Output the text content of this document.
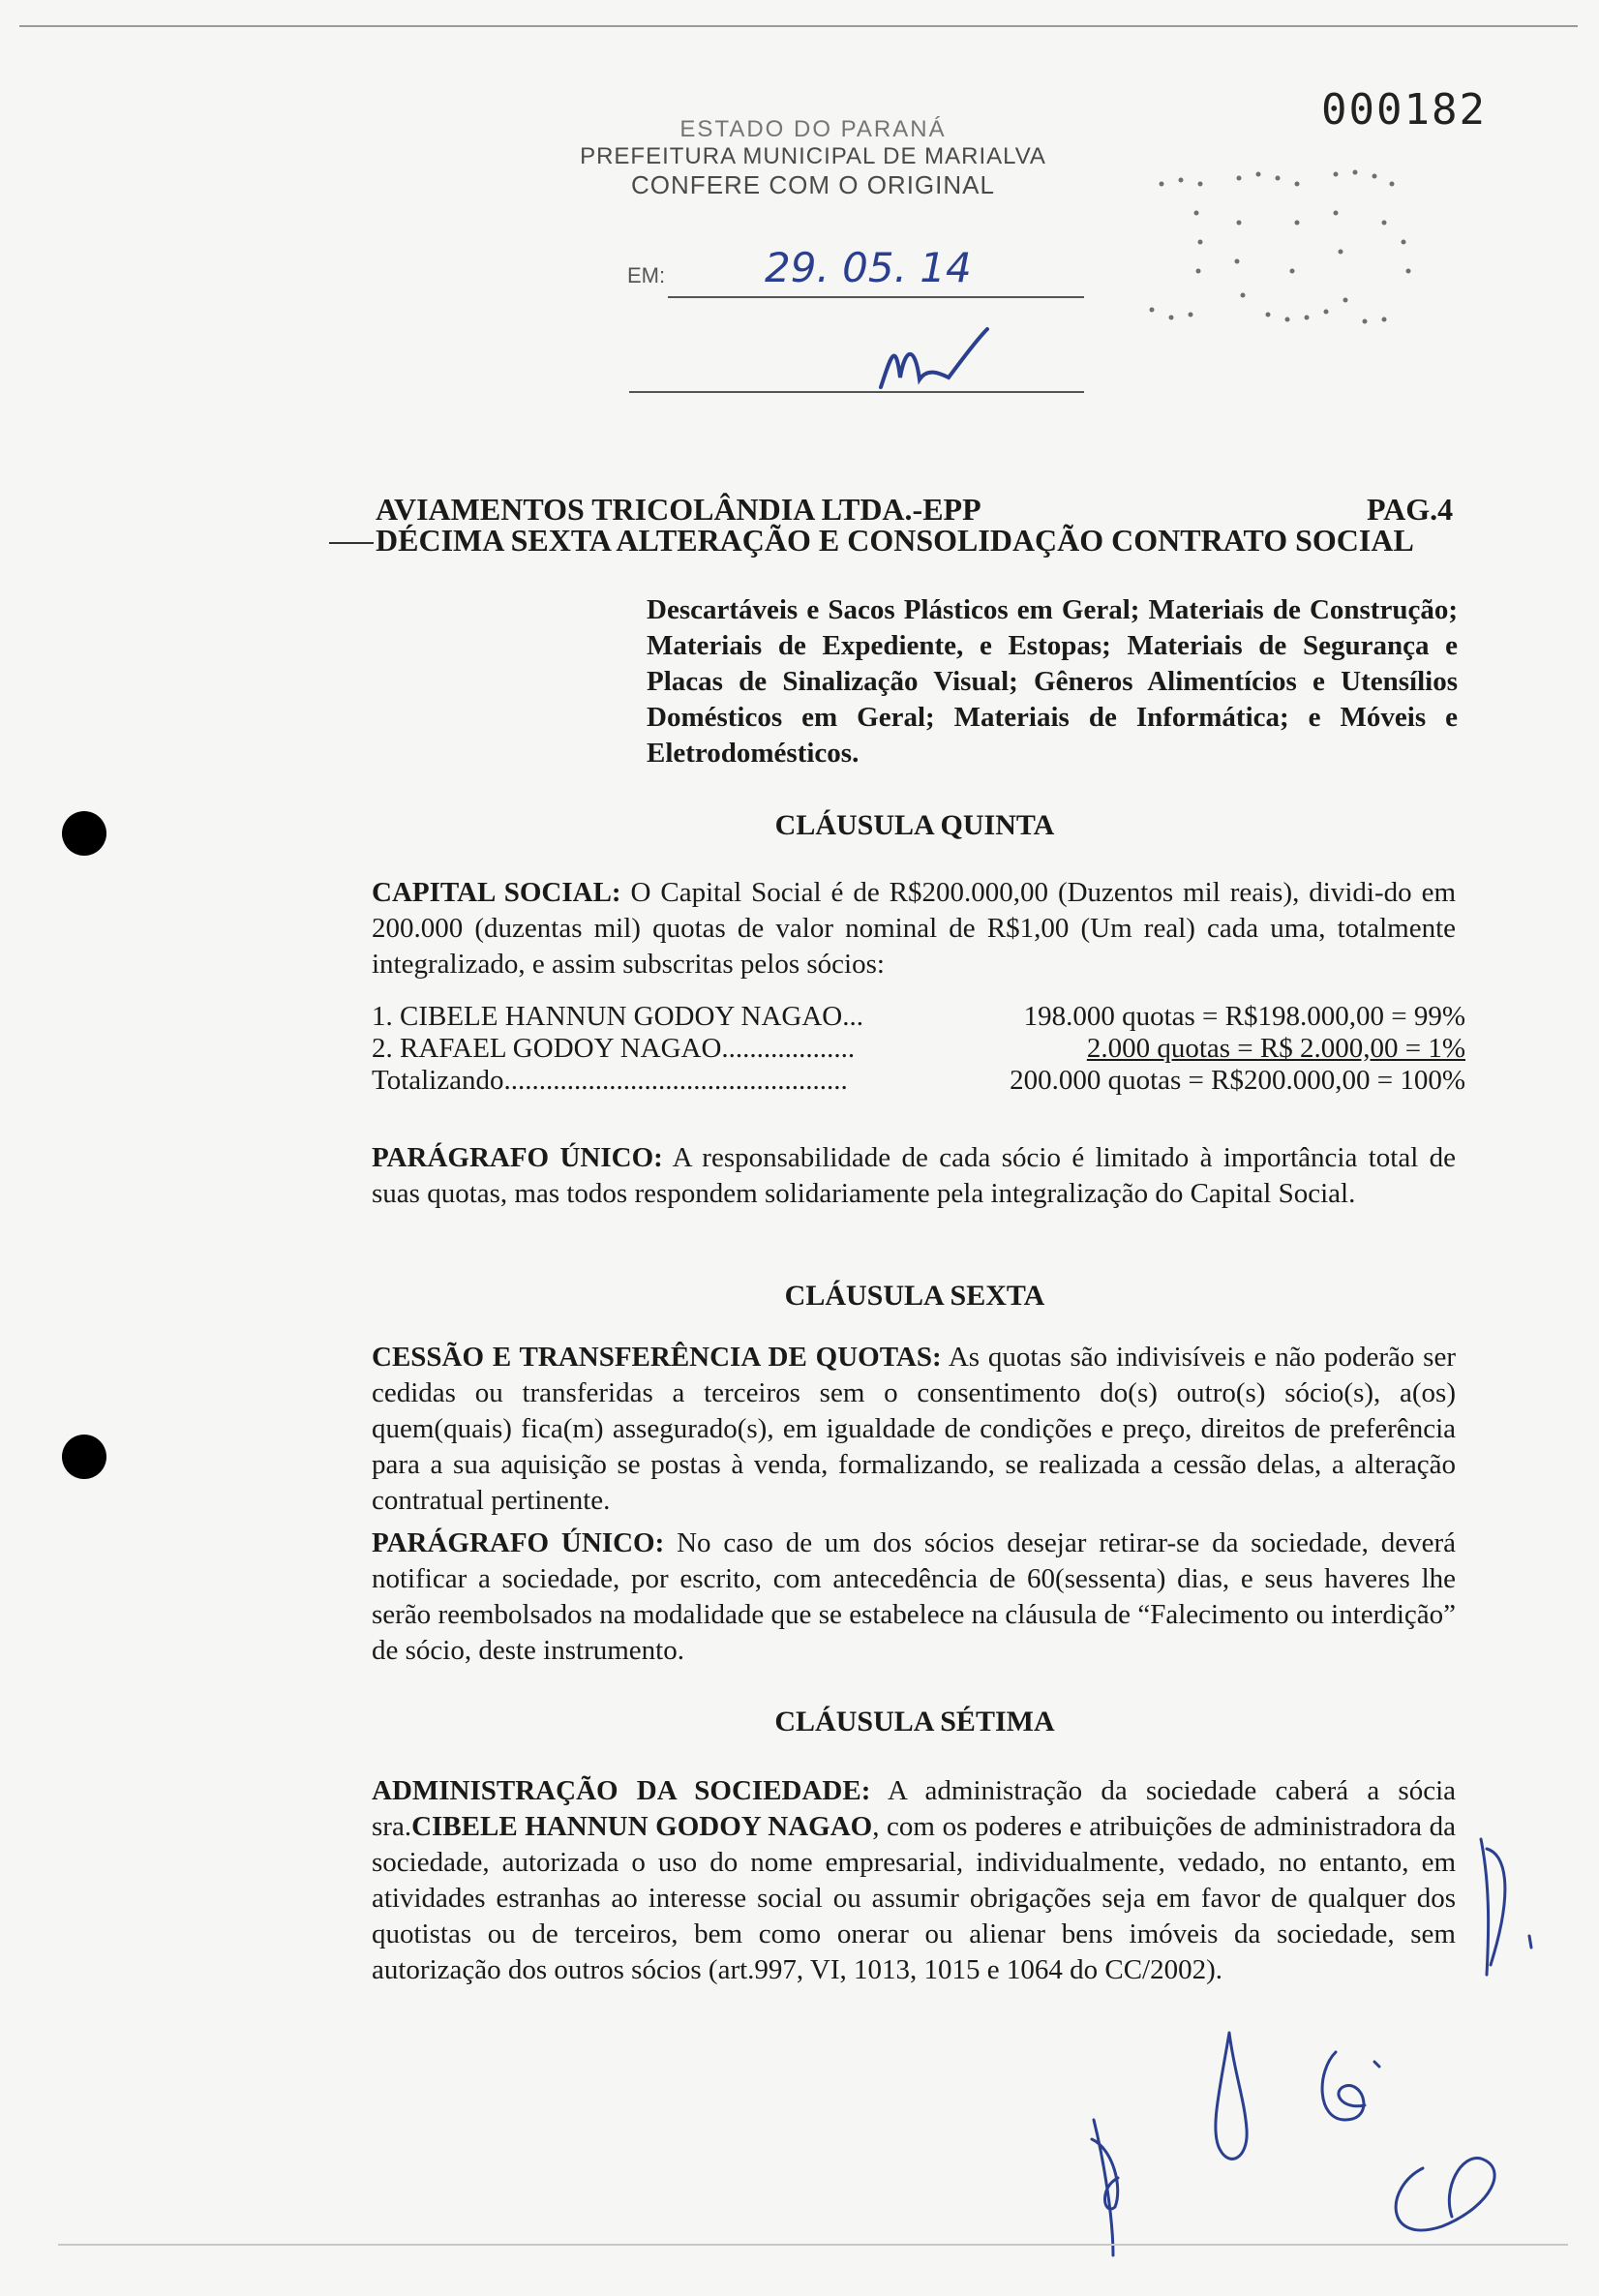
000182
ESTADO DO PARANÁ
PREFEITURA MUNICIPAL DE MARIALVA
CONFERE COM O ORIGINAL
EM: 29. 05. 14
AVIAMENTOS TRICOLÂNDIA LTDA.-EPP	PAG.4
DÉCIMA SEXTA ALTERAÇÃO E CONSOLIDAÇÃO CONTRATO SOCIAL
Descartáveis e Sacos Plásticos em Geral; Materiais de Construção; Materiais de Expediente, e Estopas; Materiais de Segurança e Placas de Sinalização Visual; Gêneros Alimentícios e Utensílios Domésticos em Geral; Materiais de Informática; e Móveis e Eletrodomésticos.
CLÁUSULA QUINTA
CAPITAL SOCIAL: O Capital Social é de R$200.000,00 (Duzentos mil reais), dividi-do em 200.000 (duzentas mil) quotas de valor nominal de R$1,00 (Um real) cada uma, totalmente integralizado, e assim subscritas pelos sócios:
1. CIBELE HANNUN GODOY NAGAO...	198.000 quotas = R$198.000,00 = 99%
2. RAFAEL GODOY NAGAO...................	2.000 quotas = R$ 2.000,00 = 1%
Totalizando.................................................	200.000 quotas = R$200.000,00 = 100%
PARÁGRAFO ÚNICO: A responsabilidade de cada sócio é limitado à importância total de suas quotas, mas todos respondem solidariamente pela integralização do Capital Social.
CLÁUSULA SEXTA
CESSÃO E TRANSFERÊNCIA DE QUOTAS: As quotas são indivisíveis e não poderão ser cedidas ou transferidas a terceiros sem o consentimento do(s) outro(s) sócio(s), a(os) quem(quais) fica(m) assegurado(s), em igualdade de condições e preço, direitos de preferência para a sua aquisição se postas à venda, formalizando, se realizada a cessão delas, a alteração contratual pertinente.
PARÁGRAFO ÚNICO: No caso de um dos sócios desejar retirar-se da sociedade, deverá notificar a sociedade, por escrito, com antecedência de 60(sessenta) dias, e seus haveres lhe serão reembolsados na modalidade que se estabelece na cláusula de “Falecimento ou interdição” de sócio, deste instrumento.
CLÁUSULA SÉTIMA
ADMINISTRAÇÃO DA SOCIEDADE: A administração da sociedade caberá a sócia sra.CIBELE HANNUN GODOY NAGAO, com os poderes e atribuições de administradora da sociedade, autorizada o uso do nome empresarial, individualmente, vedado, no entanto, em atividades estranhas ao interesse social ou assumir obrigações seja em favor de qualquer dos quotistas ou de terceiros, bem como onerar ou alienar bens imóveis da sociedade, sem autorização dos outros sócios (art.997, VI, 1013, 1015 e 1064 do CC/2002).
